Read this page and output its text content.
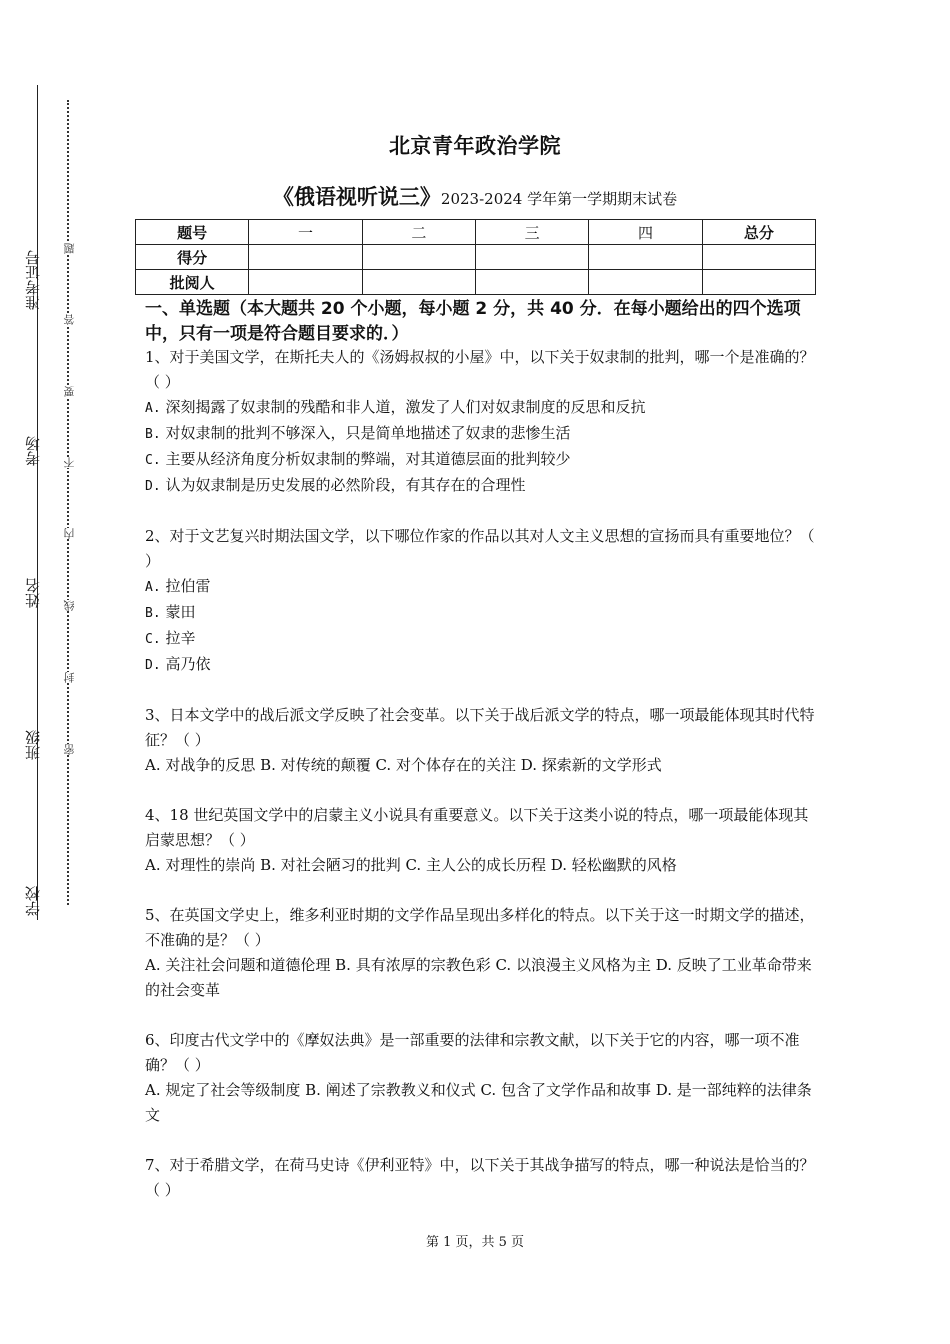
准考证号
考场
姓名
班级
学校
题
答
要
不
内
线
封
密
北京青年政治学院
《俄语视听说三》2023-2024 学年第一学期期末试卷
题号	一	二	三	四	总分
得分					
批阅人					
一、单选题（本大题共 20 个小题，每小题 2 分，共 40 分．在每小题给出的四个选项中，只有一项是符合题目要求的．）
1、对于美国文学，在斯托夫人的《汤姆叔叔的小屋》中，以下关于奴隶制的批判，哪一个是准确的？（ ）
A. 深刻揭露了奴隶制的残酷和非人道，激发了人们对奴隶制度的反思和反抗
B. 对奴隶制的批判不够深入，只是简单地描述了奴隶的悲惨生活
C. 主要从经济角度分析奴隶制的弊端，对其道德层面的批判较少
D. 认为奴隶制是历史发展的必然阶段，有其存在的合理性
2、对于文艺复兴时期法国文学，以下哪位作家的作品以其对人文主义思想的宣扬而具有重要地位？（ ）
A. 拉伯雷
B. 蒙田
C. 拉辛
D. 高乃依
3、日本文学中的战后派文学反映了社会变革。以下关于战后派文学的特点，哪一项最能体现其时代特征？（ ）
A. 对战争的反思 B. 对传统的颠覆 C. 对个体存在的关注 D. 探索新的文学形式
4、18 世纪英国文学中的启蒙主义小说具有重要意义。以下关于这类小说的特点，哪一项最能体现其启蒙思想？（ ）
A. 对理性的崇尚 B. 对社会陋习的批判 C. 主人公的成长历程 D. 轻松幽默的风格
5、在英国文学史上，维多利亚时期的文学作品呈现出多样化的特点。以下关于这一时期文学的描述，不准确的是？（ ）
A. 关注社会问题和道德伦理 B. 具有浓厚的宗教色彩 C. 以浪漫主义风格为主 D. 反映了工业革命带来的社会变革
6、印度古代文学中的《摩奴法典》是一部重要的法律和宗教文献，以下关于它的内容，哪一项不准确？（ ）
A. 规定了社会等级制度 B. 阐述了宗教教义和仪式 C. 包含了文学作品和故事 D. 是一部纯粹的法律条文
7、对于希腊文学，在荷马史诗《伊利亚特》中，以下关于其战争描写的特点，哪一种说法是恰当的？（ ）
第 1 页，共 5 页
